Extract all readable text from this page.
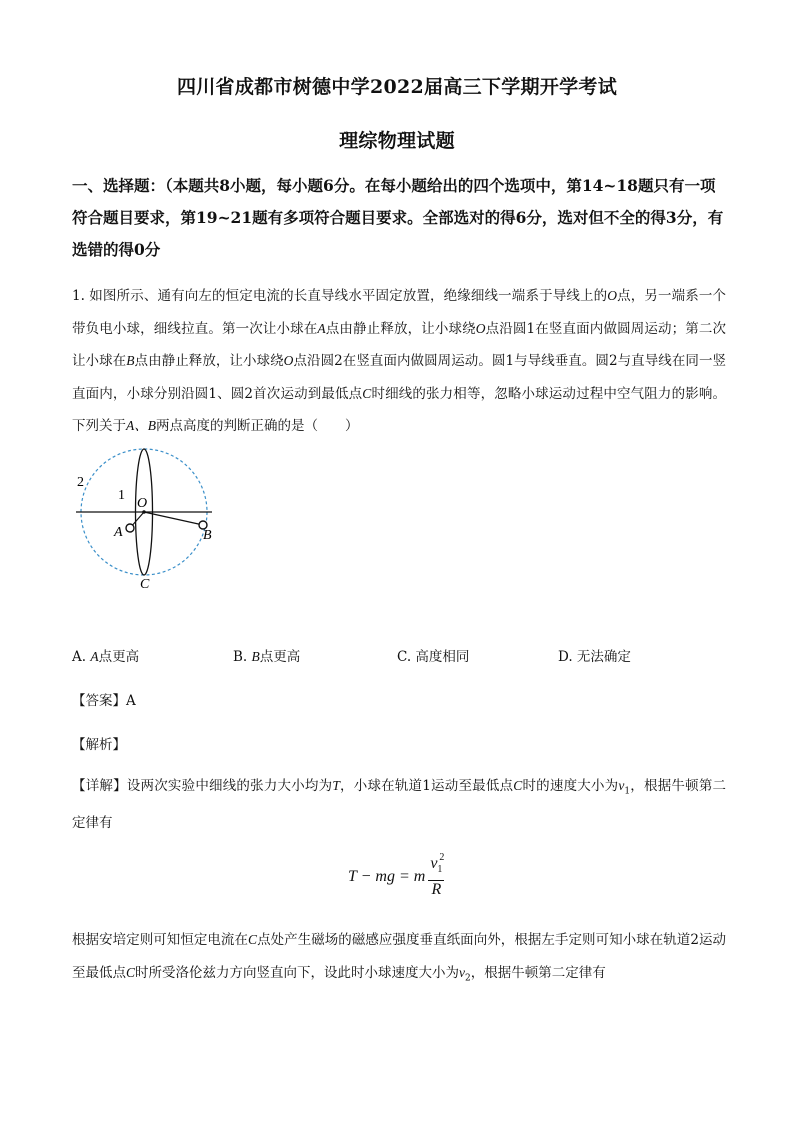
四川省成都市树德中学2022届高三下学期开学考试
理综物理试题
一、选择题：（本题共8小题，每小题6分。在每小题给出的四个选项中，第14~18题只有一项符合题目要求，第19~21题有多项符合题目要求。全部选对的得6分，选对但不全的得3分，有选错的得0分
1. 如图所示、通有向左的恒定电流的长直导线水平固定放置，绝缘细线一端系于导线上的O点，另一端系一个带负电小球，细线拉直。第一次让小球在A点由静止释放，让小球绕O点沿圆1在竖直面内做圆周运动；第二次让小球在B点由静止释放，让小球绕O点沿圆2在竖直面内做圆周运动。圆1与导线垂直。圆2与直导线在同一竖直面内，小球分别沿圆1、圆2首次运动到最低点C时细线的张力相等，忽略小球运动过程中空气阻力的影响。下列关于A、B两点高度的判断正确的是（　　）
2
1
O
A	B
C
A. A点更高	B. B点更高	C. 高度相同	D. 无法确定
【答案】A
【解析】
【详解】设两次实验中细线的张力大小均为T，小球在轨道1运动至最低点C时的速度大小为$v_1$，根据牛顿第二定律有
T − mg = m
v 2
$_1$
R
根据安培定则可知恒定电流在C点处产生磁场的磁感应强度垂直纸面向外，根据左手定则可知小球在轨道2运动至最低点C时所受洛伦兹力方向竖直向下，设此时小球速度大小为$v_2$，根据牛顿第二定律有
